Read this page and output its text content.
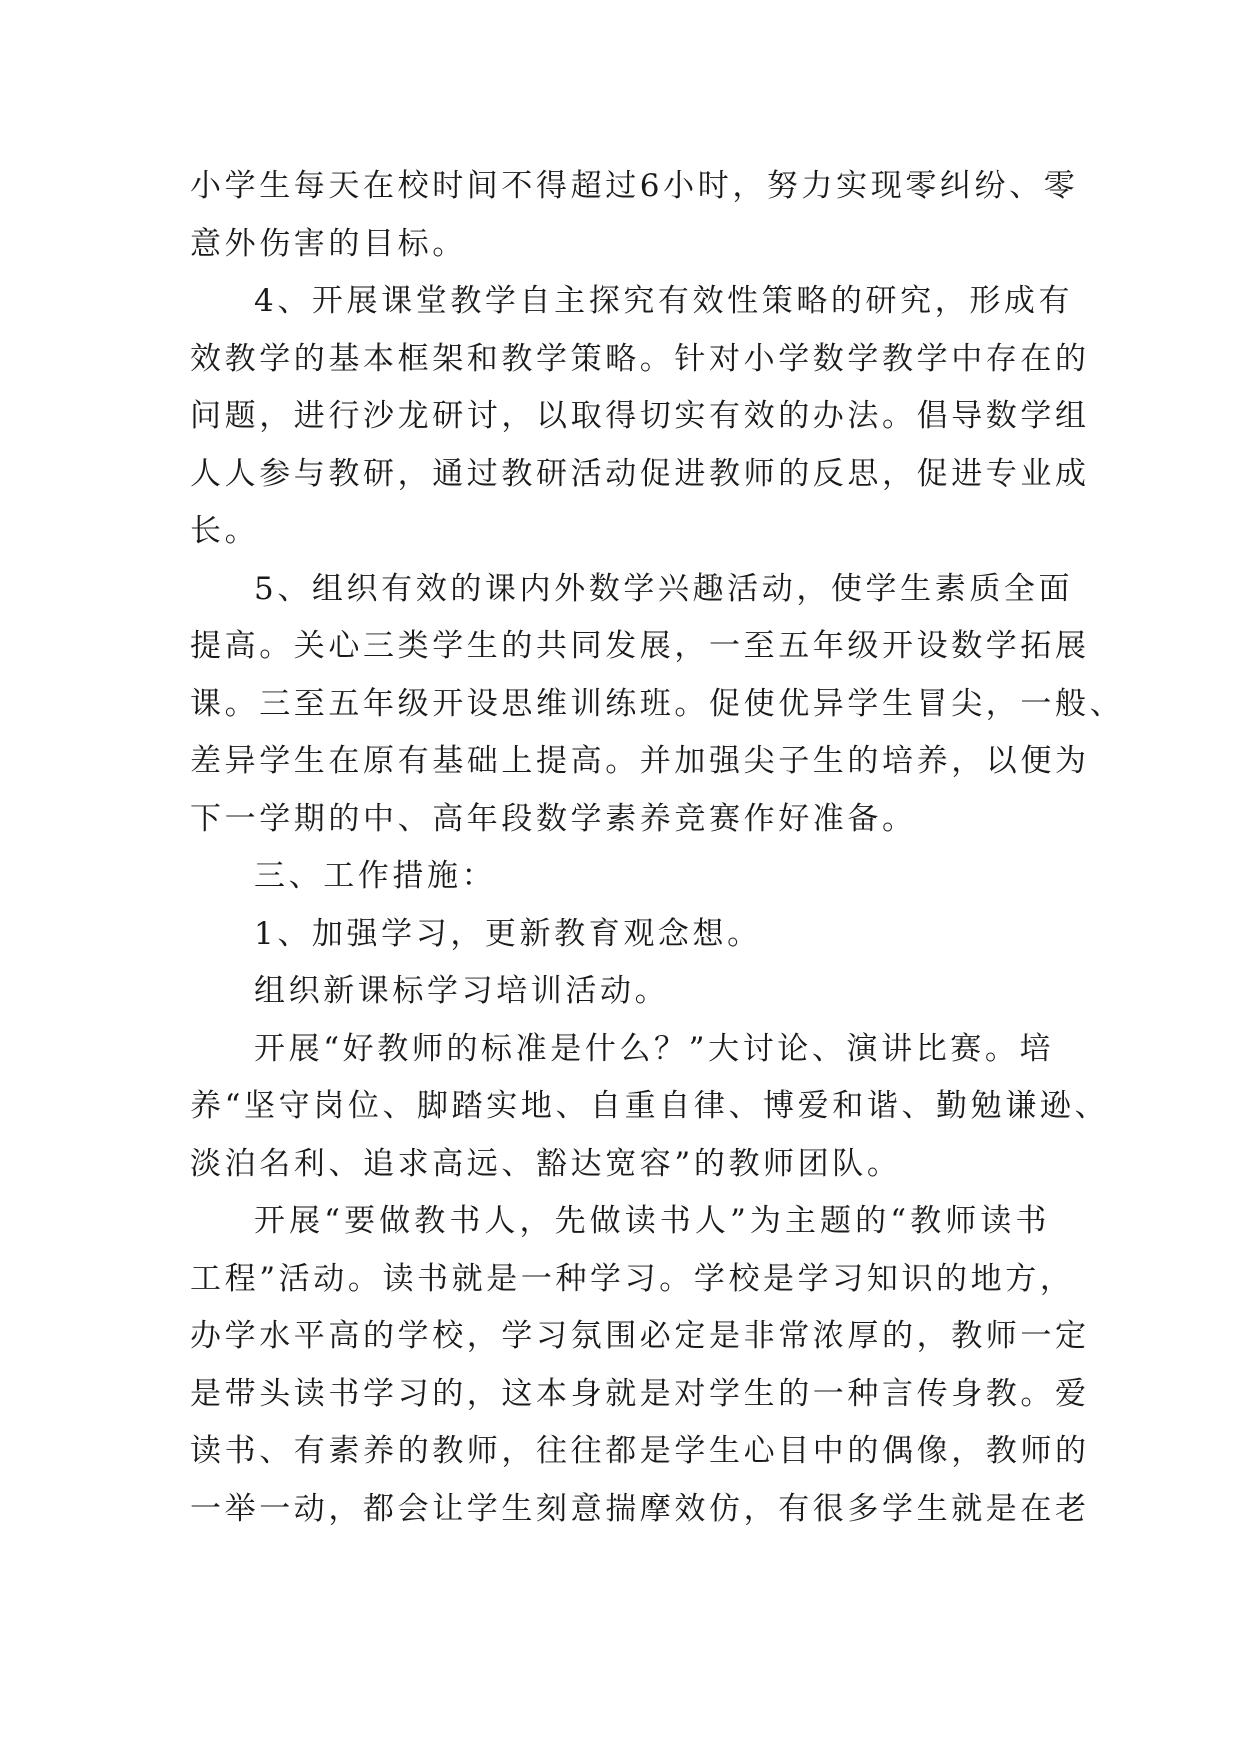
小学生每天在校时间不得超过6小时，努力实现零纠纷、零
意外伤害的目标。
4、开展课堂教学自主探究有效性策略的研究，形成有
效教学的基本框架和教学策略。针对小学数学教学中存在的
问题，进行沙龙研讨，以取得切实有效的办法。倡导数学组
人人参与教研，通过教研活动促进教师的反思，促进专业成
长。
5、组织有效的课内外数学兴趣活动，使学生素质全面
提高。关心三类学生的共同发展，一至五年级开设数学拓展
课。三至五年级开设思维训练班。促使优异学生冒尖，一般、
差异学生在原有基础上提高。并加强尖子生的培养，以便为
下一学期的中、高年段数学素养竞赛作好准备。
三、工作措施：
1、加强学习，更新教育观念想。
组织新课标学习培训活动。
开展“好教师的标准是什么？”大讨论、演讲比赛。培
养“坚守岗位、脚踏实地、自重自律、博爱和谐、勤勉谦逊、
淡泊名利、追求高远、豁达宽容”的教师团队。
开展“要做教书人，先做读书人”为主题的“教师读书
工程”活动。读书就是一种学习。学校是学习知识的地方，
办学水平高的学校，学习氛围必定是非常浓厚的，教师一定
是带头读书学习的，这本身就是对学生的一种言传身教。爱
读书、有素养的教师，往往都是学生心目中的偶像，教师的
一举一动，都会让学生刻意揣摩效仿，有很多学生就是在老
